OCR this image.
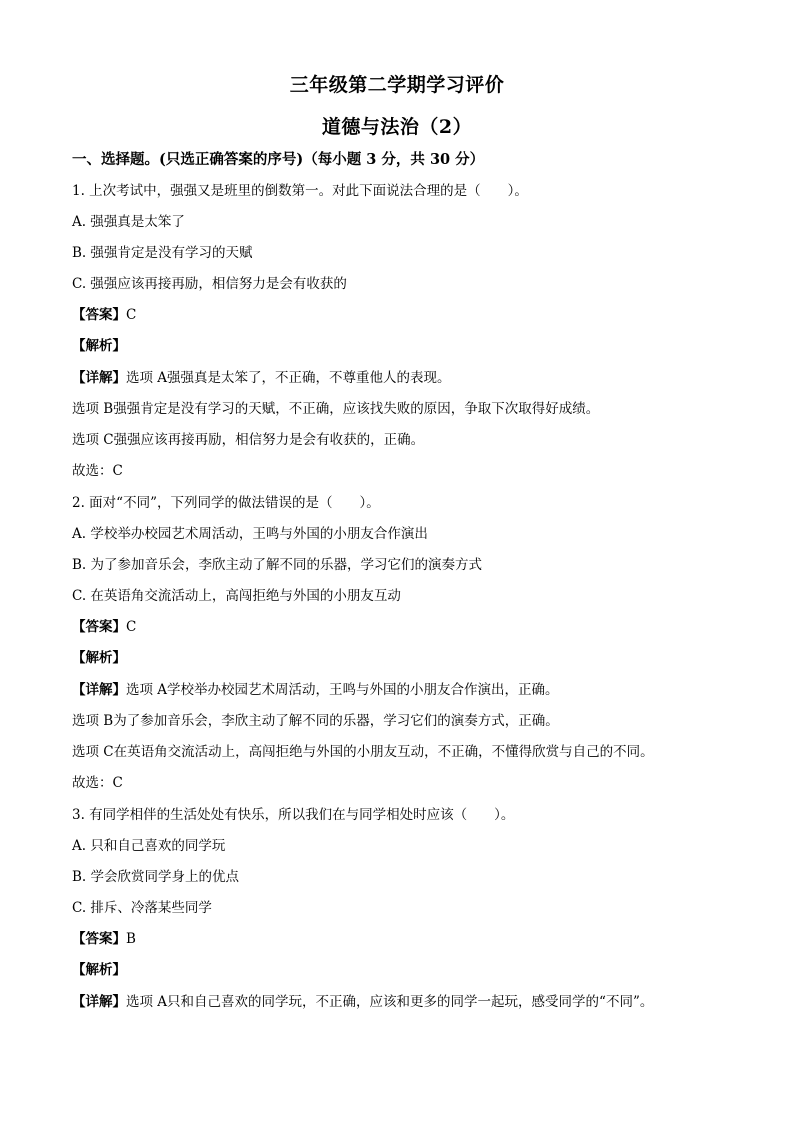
三年级第二学期学习评价
道德与法治（2）
一、选择题。(只选正确答案的序号)（每小题 3 分，共 30 分）
1. 上次考试中，强强又是班里的倒数第一。对此下面说法合理的是（　　）。
A. 强强真是太笨了
B. 强强肯定是没有学习的天赋
C. 强强应该再接再励，相信努力是会有收获的
【答案】C
【解析】
【详解】选项 A强强真是太笨了，不正确，不尊重他人的表现。
选项 B强强肯定是没有学习的天赋，不正确，应该找失败的原因，争取下次取得好成绩。
选项 C强强应该再接再励，相信努力是会有收获的，正确。
故选：C
2. 面对“不同”，下列同学的做法错误的是（　　）。
A. 学校举办校园艺术周活动，王鸣与外国的小朋友合作演出
B. 为了参加音乐会，李欣主动了解不同的乐器，学习它们的演奏方式
C. 在英语角交流活动上，高闯拒绝与外国的小朋友互动
【答案】C
【解析】
【详解】选项 A学校举办校园艺术周活动，王鸣与外国的小朋友合作演出，正确。
选项 B为了参加音乐会，李欣主动了解不同的乐器，学习它们的演奏方式，正确。
选项 C在英语角交流活动上，高闯拒绝与外国的小朋友互动，不正确，不懂得欣赏与自己的不同。
故选：C
3. 有同学相伴的生活处处有快乐，所以我们在与同学相处时应该（　　）。
A. 只和自己喜欢的同学玩
B. 学会欣赏同学身上的优点
C. 排斥、冷落某些同学
【答案】B
【解析】
【详解】选项 A只和自己喜欢的同学玩，不正确，应该和更多的同学一起玩，感受同学的“不同”。
